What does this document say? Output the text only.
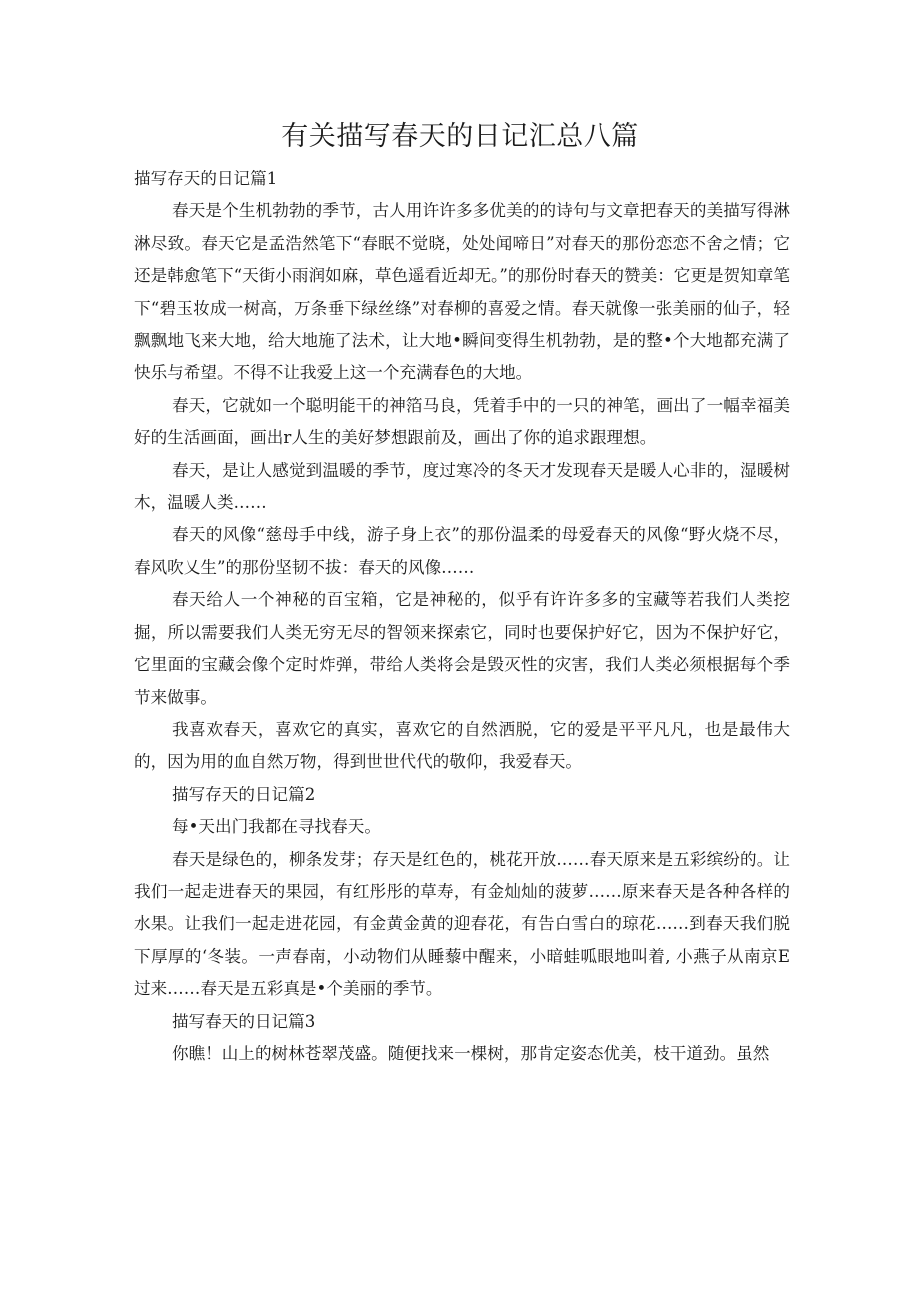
有关描写春天的日记汇总八篇

描写存天的日记篇1

春天是个生机勃勃的季节，古人用许许多多优美的的诗句与文章把春天的美描写得淋淋尽致。春天它是孟浩然笔下“春眠不觉晓，处处闻啼日”对春天的那份恋恋不舍之情；它还是韩愈笔下“天街小雨润如麻，草色遥看近却无。”的那份时春天的赞美：它更是贺知章笔下“碧玉妆成一树高，万条垂下绿丝绦”对春柳的喜爱之情。春天就像一张美丽的仙子，轻飘飘地飞来大地，给大地施了法术，让大地•瞬间变得生机勃勃，是的整•个大地都充满了快乐与希望。不得不让我爱上这一个充满春色的大地。

春天，它就如一个聪明能干的神箔马良，凭着手中的一只的神笔，画出了一幅幸福美好的生活画面，画出r人生的美好梦想跟前及，画出了你的追求跟理想。

春天，是让人感觉到温暖的季节，度过寒冷的冬天才发现春天是暖人心非的，湿暖树木，温暖人类……

春天的风像“慈母手中线，游子身上衣”的那份温柔的母爱春天的风像“野火烧不尽，春风吹乂生”的那份坚韧不拔：春天的风像……

春天给人一个神秘的百宝箱，它是神秘的，似乎有许许多多的宝藏等若我们人类挖掘，所以需要我们人类无穷无尽的智领来探索它，同时也要保护好它，因为不保护好它，它里面的宝藏会像个定时炸弹，带给人类将会是毁灭性的灾害，我们人类必须根据每个季节来做事。

我喜欢春天，喜欢它的真实，喜欢它的自然洒脱，它的爱是平平凡凡，也是最伟大的，因为用的血自然万物，得到世世代代的敬仰，我爱春天。

描写存天的日记篇2

每•天出门我都在寻找春天。

春天是绿色的，柳条发芽；存天是红色的，桃花开放……春天原来是五彩缤纷的。让我们一起走进春天的果园，有红彤彤的草寿，有金灿灿的菠萝……原来春天是各种各样的水果。让我们一起走进花园，有金黄金黄的迎春花，有告白雪白的琼花……到春天我们脱下厚厚的‘冬装。一声春南，小动物们从睡藜中醒来，小暗蛙呱眼地叫着, 小燕子从南京E过来……春天是五彩真是•个美丽的季节。

描写春天的日记篇3

你瞧！山上的树林苍翠茂盛。随便找来一棵树，那肯定姿态优美，枝干道劲。虽然
